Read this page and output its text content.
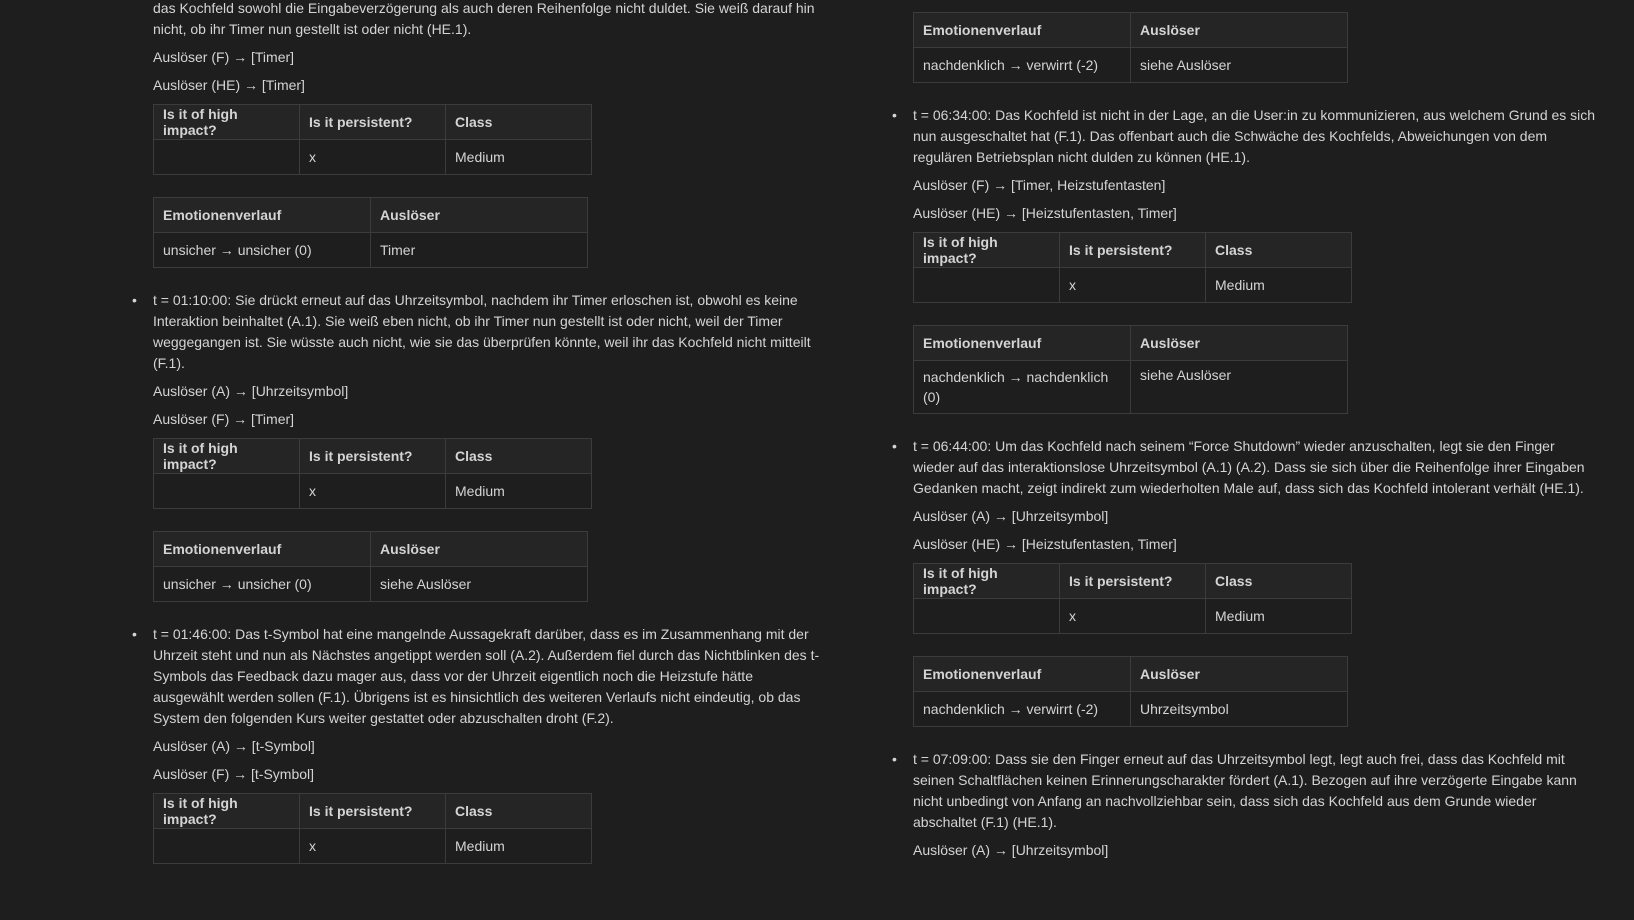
das Kochfeld sowohl die Eingabeverzögerung als auch deren Reihenfolge nicht duldet. Sie weiß darauf hin nicht, ob ihr Timer nun gestellt ist oder nicht (HE.1).

Auslöser (F) → [Timer]

Auslöser (HE) → [Timer]

Is it of high impact?	Is it persistent?	Class
	x	Medium
Emotionenverlauf	Auslöser
unsicher → unsicher (0)	Timer

• t = 01:10:00: Sie drückt erneut auf das Uhrzeitsymbol, nachdem ihr Timer erloschen ist, obwohl es keine Interaktion beinhaltet (A.1). Sie weiß eben nicht, ob ihr Timer nun gestellt ist oder nicht, weil der Timer weggegangen ist. Sie wüsste auch nicht, wie sie das überprüfen könnte, weil ihr das Kochfeld nicht mitteilt (F.1).

Auslöser (A) → [Uhrzeitsymbol]

Auslöser (F) → [Timer]

Is it of high impact?	Is it persistent?	Class
	x	Medium
Emotionenverlauf	Auslöser
unsicher → unsicher (0)	siehe Auslöser

• t = 01:46:00: Das t-Symbol hat eine mangelnde Aussagekraft darüber, dass es im Zusammenhang mit der Uhrzeit steht und nun als Nächstes angetippt werden soll (A.2). Außerdem fiel durch das Nichtblinken des t-Symbols das Feedback dazu mager aus, dass vor der Uhrzeit eigentlich noch die Heizstufe hätte ausgewählt werden sollen (F.1). Übrigens ist es hinsichtlich des weiteren Verlaufs nicht eindeutig, ob das System den folgenden Kurs weiter gestattet oder abzuschalten droht (F.2).

Auslöser (A) → [t-Symbol]

Auslöser (F) → [t-Symbol]

Is it of high impact?	Is it persistent?	Class
	x	Medium
Emotionenverlauf	Auslöser
nachdenklich → verwirrt (-2)	siehe Auslöser

• t = 06:34:00: Das Kochfeld ist nicht in der Lage, an die User:in zu kommunizieren, aus welchem Grund es sich nun ausgeschaltet hat (F.1). Das offenbart auch die Schwäche des Kochfelds, Abweichungen von dem regulären Betriebsplan nicht dulden zu können (HE.1).

Auslöser (F) → [Timer, Heizstufentasten]

Auslöser (HE) → [Heizstufentasten, Timer]

Is it of high impact?	Is it persistent?	Class
	x	Medium
Emotionenverlauf	Auslöser
nachdenklich → nachdenklich (0)	siehe Auslöser

• t = 06:44:00: Um das Kochfeld nach seinem “Force Shutdown” wieder anzuschalten, legt sie den Finger wieder auf das interaktionslose Uhrzeitsymbol (A.1) (A.2). Dass sie sich über die Reihenfolge ihrer Eingaben Gedanken macht, zeigt indirekt zum wiederholten Male auf, dass sich das Kochfeld intolerant verhält (HE.1).

Auslöser (A) → [Uhrzeitsymbol]

Auslöser (HE) → [Heizstufentasten, Timer]

Is it of high impact?	Is it persistent?	Class
	x	Medium
Emotionenverlauf	Auslöser
nachdenklich → verwirrt (-2)	Uhrzeitsymbol

• t = 07:09:00: Dass sie den Finger erneut auf das Uhrzeitsymbol legt, legt auch frei, dass das Kochfeld mit seinen Schaltflächen keinen Erinnerungscharakter fördert (A.1). Bezogen auf ihre verzögerte Eingabe kann nicht unbedingt von Anfang an nachvollziehbar sein, dass sich das Kochfeld aus dem Grunde wieder abschaltet (F.1) (HE.1).

Auslöser (A) → [Uhrzeitsymbol]
